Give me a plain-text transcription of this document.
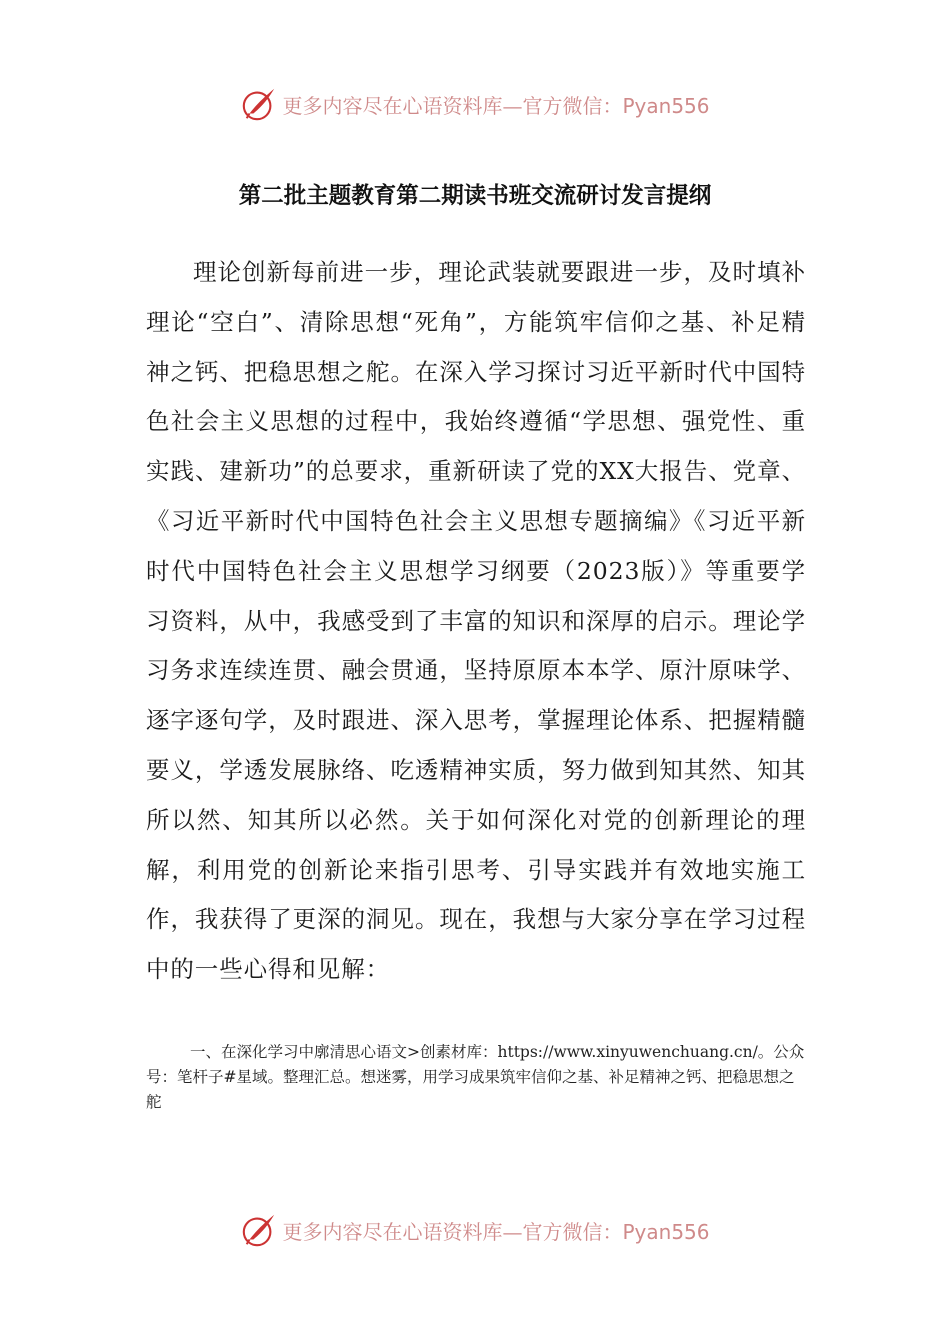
更多内容尽在心语资料库—官方微信：Pyan556
第二批主题教育第二期读书班交流研讨发言提纲

理论创新每前进一步，理论武装就要跟进一步，及时填补理论“空白”、清除思想“死角”，方能筑牢信仰之基、补足精神之钙、把稳思想之舵。在深入学习探讨习近平新时代中国特色社会主义思想的过程中，我始终遵循“学思想、强党性、重实践、建新功”的总要求，重新研读了党的XX大报告、党章、《习近平新时代中国特色社会主义思想专题摘编》《习近平新时代中国特色社会主义思想学习纲要（2023版）》等重要学习资料，从中，我感受到了丰富的知识和深厚的启示。理论学习务求连续连贯、融会贯通，坚持原原本本学、原汁原味学、逐字逐句学，及时跟进、深入思考，掌握理论体系、把握精髓要义，学透发展脉络、吃透精神实质，努力做到知其然、知其所以然、知其所以必然。关于如何深化对党的创新理论的理解，利用党的创新论来指引思考、引导实践并有效地实施工作，我获得了更深的洞见。现在，我想与大家分享在学习过程中的一些心得和见解：

一、在深化学习中廓清思心语文>创素材库：https://www.xinyuwenchuang.cn/。公众号：笔杆子#星域。整理汇总。想迷雾，用学习成果筑牢信仰之基、补足精神之钙、把稳思想之舵

更多内容尽在心语资料库—官方微信：Pyan556
